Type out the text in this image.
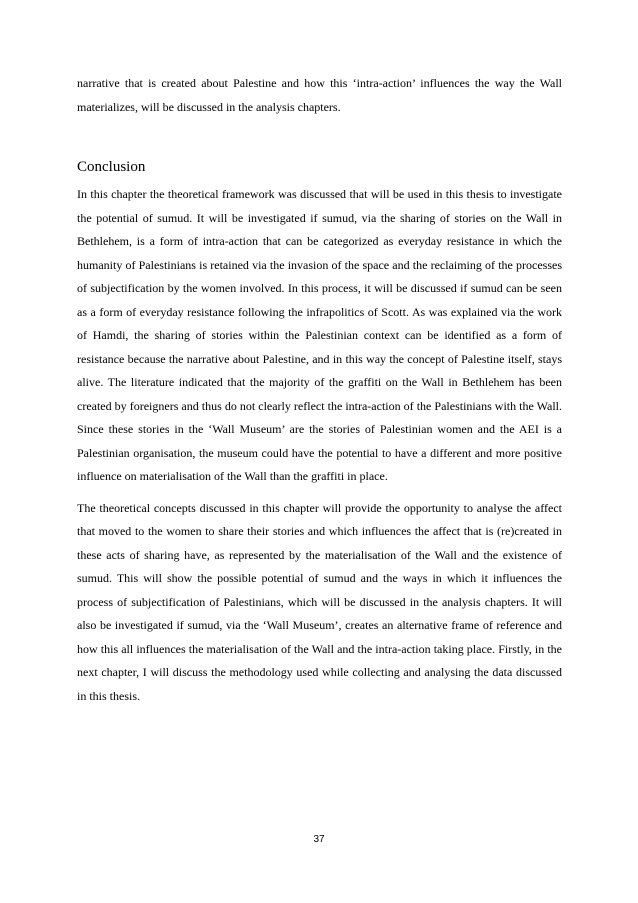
narrative that is created about Palestine and how this ‘intra-action’ influences the way the Wall materializes, will be discussed in the analysis chapters.

Conclusion

In this chapter the theoretical framework was discussed that will be used in this thesis to investigate the potential of sumud. It will be investigated if sumud, via the sharing of stories on the Wall in Bethlehem, is a form of intra-action that can be categorized as everyday resistance in which the humanity of Palestinians is retained via the invasion of the space and the reclaiming of the processes of subjectification by the women involved. In this process, it will be discussed if sumud can be seen as a form of everyday resistance following the infrapolitics of Scott. As was explained via the work of Hamdi, the sharing of stories within the Palestinian context can be identified as a form of resistance because the narrative about Palestine, and in this way the concept of Palestine itself, stays alive. The literature indicated that the majority of the graffiti on the Wall in Bethlehem has been created by foreigners and thus do not clearly reflect the intra-action of the Palestinians with the Wall. Since these stories in the ‘Wall Museum’ are the stories of Palestinian women and the AEI is a Palestinian organisation, the museum could have the potential to have a different and more positive influence on materialisation of the Wall than the graffiti in place.

The theoretical concepts discussed in this chapter will provide the opportunity to analyse the affect that moved to the women to share their stories and which influences the affect that is (re)created in these acts of sharing have, as represented by the materialisation of the Wall and the existence of sumud. This will show the possible potential of sumud and the ways in which it influences the process of subjectification of Palestinians, which will be discussed in the analysis chapters. It will also be investigated if sumud, via the ‘Wall Museum’, creates an alternative frame of reference and how this all influences the materialisation of the Wall and the intra-action taking place. Firstly, in the next chapter, I will discuss the methodology used while collecting and analysing the data discussed in this thesis.

37
